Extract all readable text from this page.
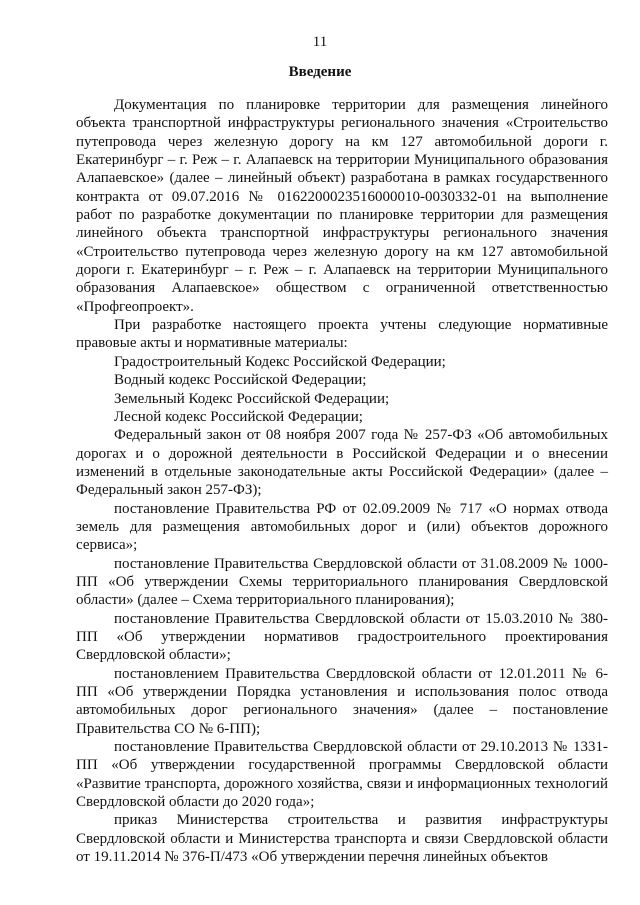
11
Введение

Документация по планировке территории для размещения линейного объекта транспортной инфраструктуры регионального значения «Строительство путепровода через железную дорогу на км 127 автомобильной дороги г. Екатеринбург – г. Реж – г. Алапаевск на территории Муниципального образования Алапаевское» (далее – линейный объект) разработана в рамках государственного контракта от 09.07.2016 № 0162200023516000010-0030332-01 на выполнение работ по разработке документации по планировке территории для размещения линейного объекта транспортной инфраструктуры регионального значения «Строительство путепровода через железную дорогу на км 127 автомобильной дороги г. Екатеринбург – г. Реж – г. Алапаевск на территории Муниципального образования Алапаевское» обществом с ограниченной ответственностью «Профгеопроект».

При разработке настоящего проекта учтены следующие нормативные правовые акты и нормативные материалы:

Градостроительный Кодекс Российской Федерации;

Водный кодекс Российской Федерации;

Земельный Кодекс Российской Федерации;

Лесной кодекс Российской Федерации;

Федеральный закон от 08 ноября 2007 года № 257-ФЗ «Об автомобильных дорогах и о дорожной деятельности в Российской Федерации и о внесении изменений в отдельные законодательные акты Российской Федерации» (далее – Федеральный закон 257-ФЗ);

постановление Правительства РФ от 02.09.2009 № 717 «О нормах отвода земель для размещения автомобильных дорог и (или) объектов дорожного сервиса»;

постановление Правительства Свердловской области от 31.08.2009 № 1000-ПП «Об утверждении Схемы территориального планирования Свердловской области» (далее – Схема территориального планирования);

постановление Правительства Свердловской области от 15.03.2010 № 380-ПП «Об утверждении нормативов градостроительного проектирования Свердловской области»;

постановлением Правительства Свердловской области от 12.01.2011 № 6-ПП «Об утверждении Порядка установления и использования полос отвода автомобильных дорог регионального значения» (далее – постановление Правительства СО № 6-ПП);

постановление Правительства Свердловской области от 29.10.2013 № 1331-ПП «Об утверждении государственной программы Свердловской области «Развитие транспорта, дорожного хозяйства, связи и информационных технологий Свердловской области до 2020 года»;

приказ Министерства строительства и развития инфраструктуры Свердловской области и Министерства транспорта и связи Свердловской области от 19.11.2014 № 376-П/473 «Об утверждении перечня линейных объектов
